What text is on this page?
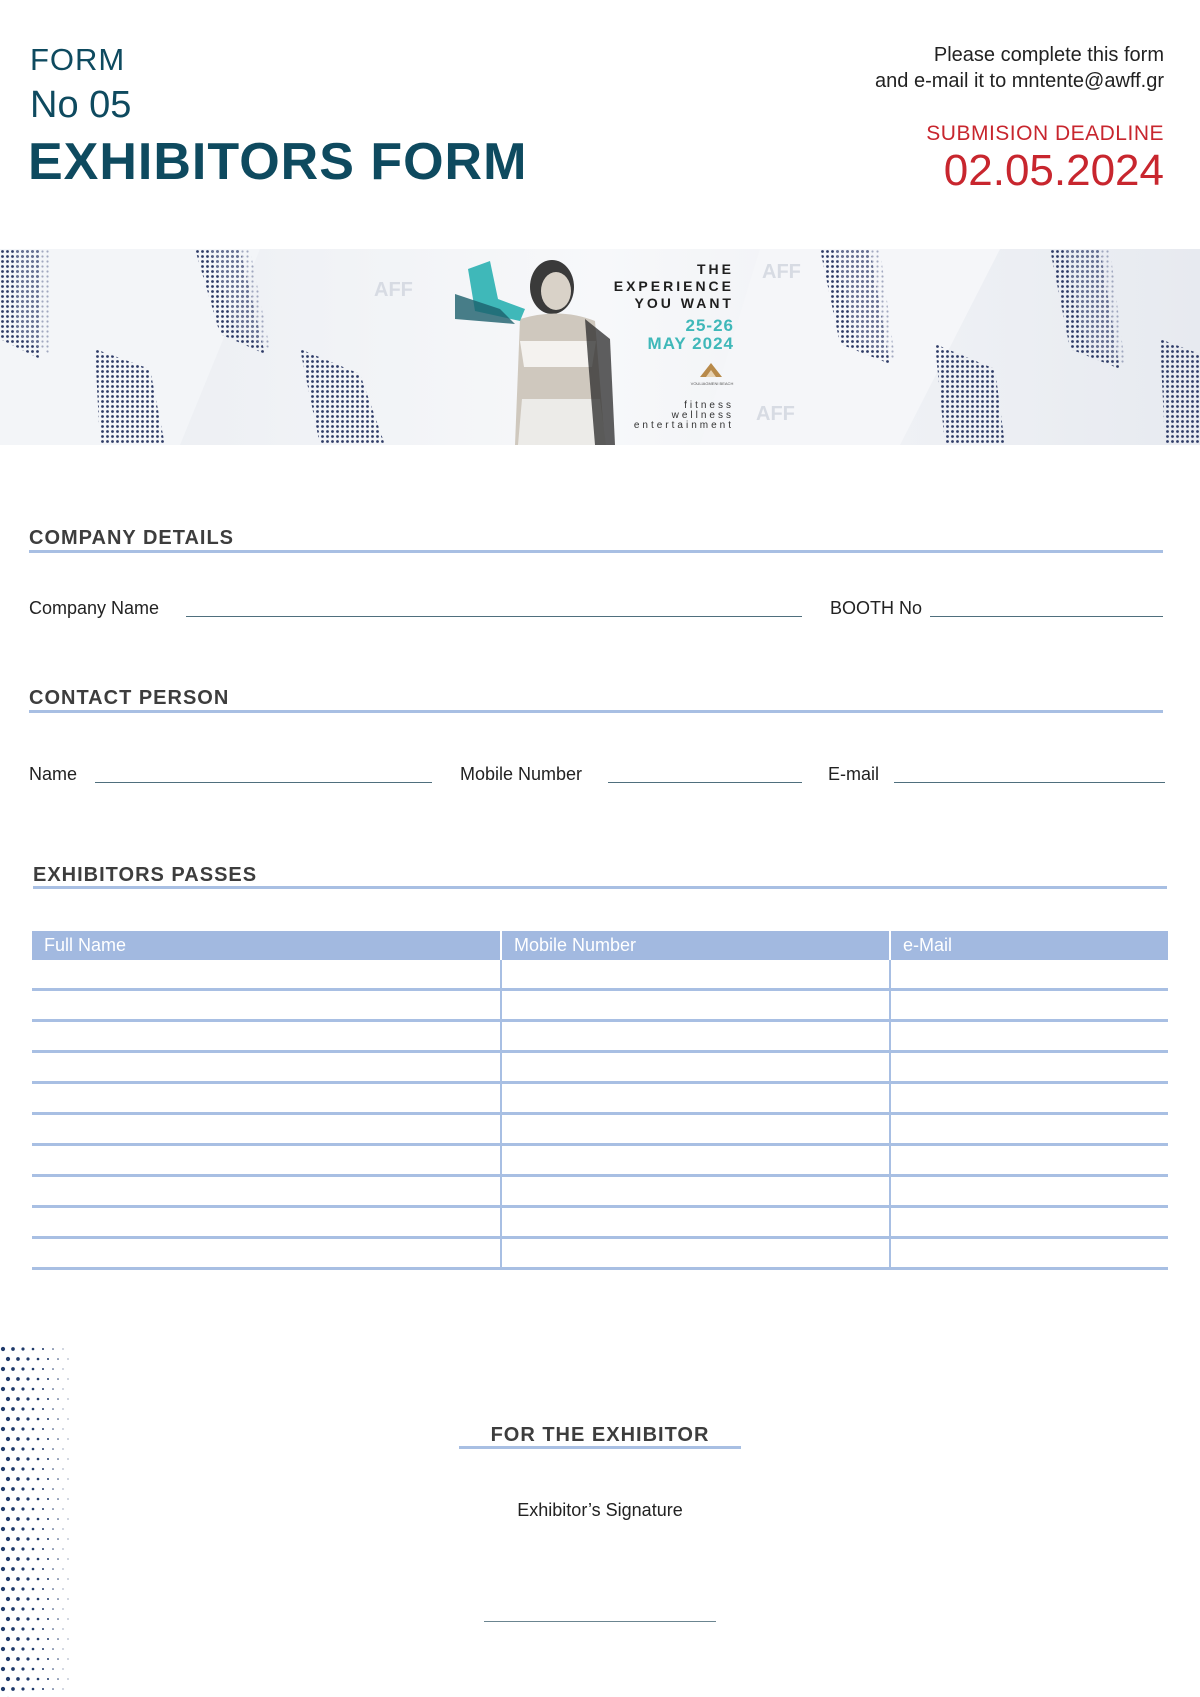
FORM
No 05
EXHIBITORS FORM
Please complete this form
and e-mail it to mntente@awff.gr
SUBMISION DEADLINE
02.05.2024
AFF
AFF
AFF
THE
EXPERIENCE
YOU WANT
25-26
MAY 2024
VOULIAGMENI BEACH
fitness
wellness
entertainment
COMPANY DETAILS
Company Name	BOOTH No
CONTACT PERSON
Name	Mobile Number	E-mail
EXHIBITORS PASSES
Full Name	Mobile Number	e-Mail

FOR THE EXHIBITOR
Exhibitor’s Signature
